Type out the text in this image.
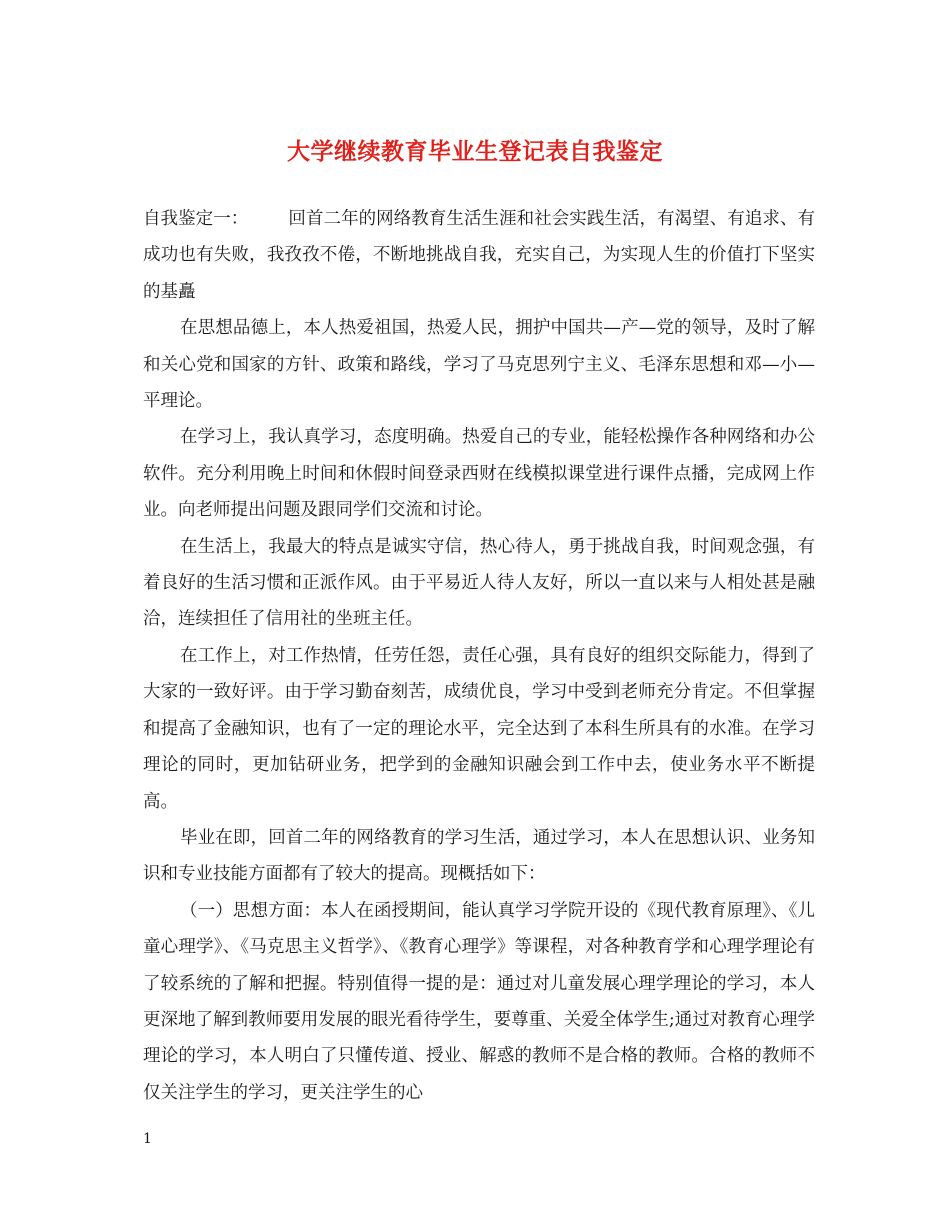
大学继续教育毕业生登记表自我鉴定

自我鉴定一： 回首二年的网络教育生活生涯和社会实践生活，有渴望、有追求、有成功也有失败，我孜孜不倦，不断地挑战自我，充实自己，为实现人生的价值打下坚实的基矗

在思想品德上，本人热爱祖国，热爱人民，拥护中国共—产—党的领导，及时了解和关心党和国家的方针、政策和路线，学习了马克思列宁主义、毛泽东思想和邓—小—平理论。

在学习上，我认真学习，态度明确。热爱自己的专业，能轻松操作各种网络和办公软件。充分利用晚上时间和休假时间登录西财在线模拟课堂进行课件点播，完成网上作业。向老师提出问题及跟同学们交流和讨论。

在生活上，我最大的特点是诚实守信，热心待人，勇于挑战自我，时间观念强，有着良好的生活习惯和正派作风。由于平易近人待人友好，所以一直以来与人相处甚是融洽，连续担任了信用社的坐班主任。

在工作上，对工作热情，任劳任怨，责任心强，具有良好的组织交际能力，得到了大家的一致好评。由于学习勤奋刻苦，成绩优良，学习中受到老师充分肯定。不但掌握和提高了金融知识，也有了一定的理论水平，完全达到了本科生所具有的水准。在学习理论的同时，更加钻研业务，把学到的金融知识融会到工作中去，使业务水平不断提高。

毕业在即，回首二年的网络教育的学习生活，通过学习，本人在思想认识、业务知识和专业技能方面都有了较大的提高。现概括如下：

（一）思想方面：本人在函授期间，能认真学习学院开设的《现代教育原理》、《儿童心理学》、《马克思主义哲学》、《教育心理学》等课程，对各种教育学和心理学理论有了较系统的了解和把握。特别值得一提的是：通过对儿童发展心理学理论的学习，本人更深地了解到教师要用发展的眼光看待学生，要尊重、关爱全体学生;通过对教育心理学理论的学习，本人明白了只懂传道、授业、解惑的教师不是合格的教师。合格的教师不仅关注学生的学习，更关注学生的心

1
